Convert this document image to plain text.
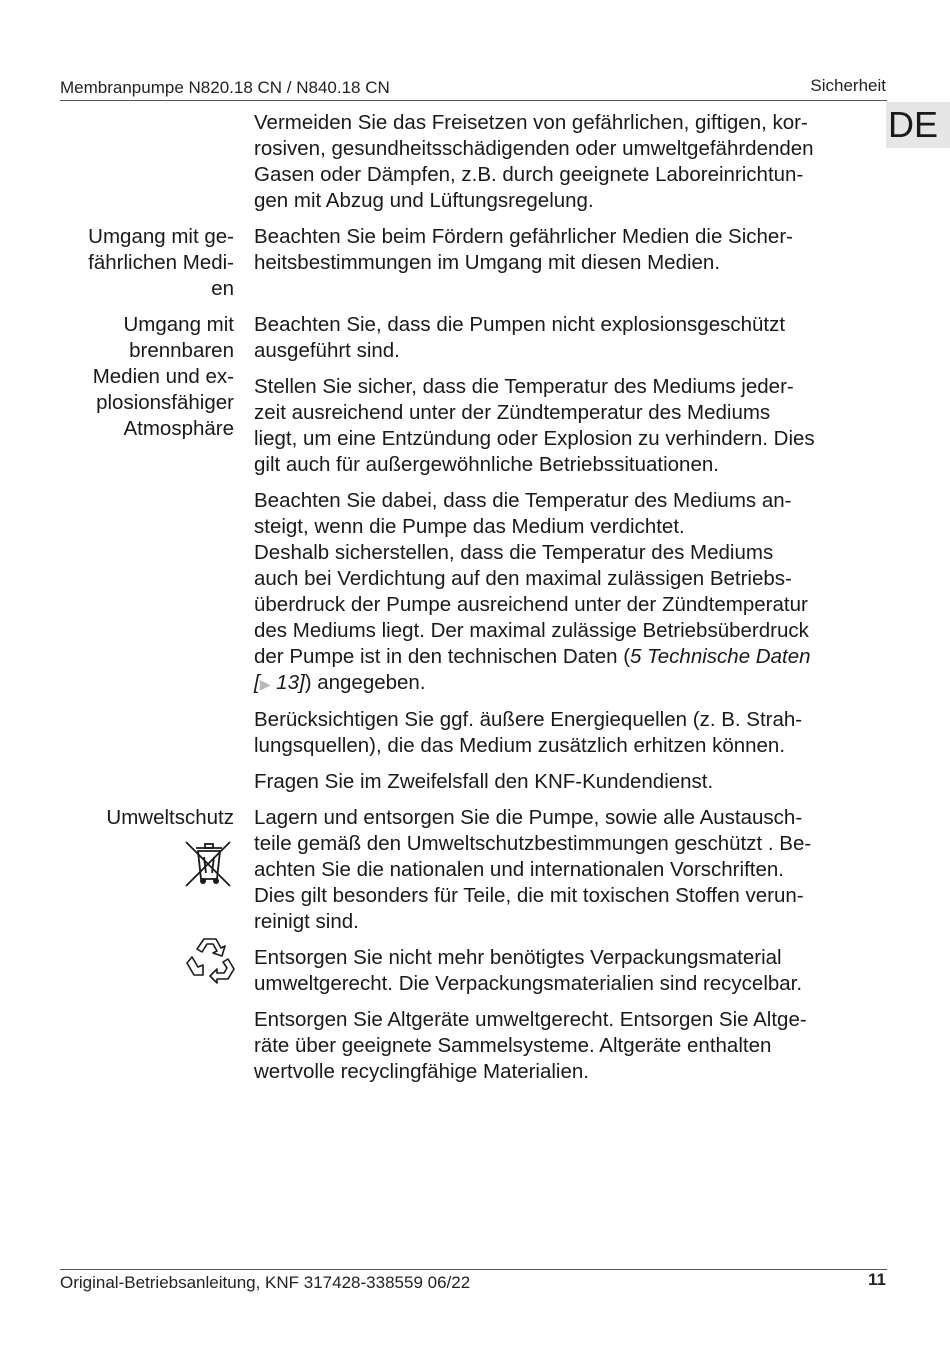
Membranpumpe N820.18 CN / N840.18 CN	Sicherheit
DE

Vermeiden Sie das Freisetzen von gefährlichen, giftigen, kor-
rosiven, gesundheitsschädigenden oder umweltgefährdenden
Gasen oder Dämpfen, z.B. durch geeignete Laboreinrichtun-
gen mit Abzug und Lüftungsregelung.

Umgang mit ge-
fährlichen Medi-
en

Beachten Sie beim Fördern gefährlicher Medien die Sicher-
heitsbestimmungen im Umgang mit diesen Medien.

Umgang mit
brennbaren
Medien und ex-
plosionsfähiger
Atmosphäre

Beachten Sie, dass die Pumpen nicht explosionsgeschützt
ausgeführt sind.

Stellen Sie sicher, dass die Temperatur des Mediums jeder-
zeit ausreichend unter der Zündtemperatur des Mediums
liegt, um eine Entzündung oder Explosion zu verhindern. Dies
gilt auch für außergewöhnliche Betriebssituationen.

Beachten Sie dabei, dass die Temperatur des Mediums an-
steigt, wenn die Pumpe das Medium verdichtet.
Deshalb sicherstellen, dass die Temperatur des Mediums
auch bei Verdichtung auf den maximal zulässigen Betriebs-
überdruck der Pumpe ausreichend unter der Zündtemperatur
des Mediums liegt. Der maximal zulässige Betriebsüberdruck
der Pumpe ist in den technischen Daten (5 Technische Daten
[▶ 13]) angegeben.

Berücksichtigen Sie ggf. äußere Energiequellen (z. B. Strah-
lungsquellen), die das Medium zusätzlich erhitzen können.

Fragen Sie im Zweifelsfall den KNF-Kundendienst.

Umweltschutz Lagern und entsorgen Sie die Pumpe, sowie alle Austausch-
teile gemäß den Umweltschutzbestimmungen geschützt . Be-
achten Sie die nationalen und internationalen Vorschriften.
Dies gilt besonders für Teile, die mit toxischen Stoffen verun-
reinigt sind.

Entsorgen Sie nicht mehr benötigtes Verpackungsmaterial
umweltgerecht. Die Verpackungsmaterialien sind recycelbar.

Entsorgen Sie Altgeräte umweltgerecht. Entsorgen Sie Altge-
räte über geeignete Sammelsysteme. Altgeräte enthalten
wertvolle recyclingfähige Materialien.

Original-Betriebsanleitung, KNF 317428-338559 06/22	11
